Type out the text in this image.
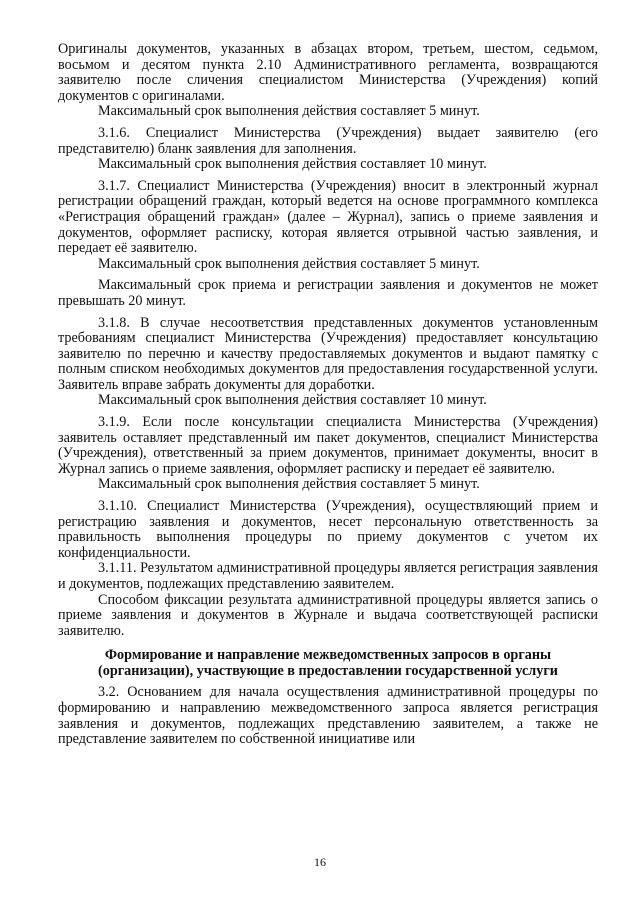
Оригиналы документов, указанных в абзацах втором, третьем, шестом, седьмом, восьмом и десятом пункта 2.10 Административного регламента, возвращаются заявителю после сличения специалистом Министерства (Учреждения) копий документов с оригиналами.

Максимальный срок выполнения действия составляет 5 минут.

3.1.6. Специалист Министерства (Учреждения) выдает заявителю (его представителю) бланк заявления для заполнения.

Максимальный срок выполнения действия составляет 10 минут.

3.1.7. Специалист Министерства (Учреждения) вносит в электронный журнал регистрации обращений граждан, который ведется на основе программного комплекса «Регистрация обращений граждан» (далее – Журнал), запись о приеме заявления и документов, оформляет расписку, которая является отрывной частью заявления, и передает её заявителю.

Максимальный срок выполнения действия составляет 5 минут.

Максимальный срок приема и регистрации заявления и документов не может превышать 20 минут.

3.1.8. В случае несоответствия представленных документов установленным требованиям специалист Министерства (Учреждения) предоставляет консультацию заявителю по перечню и качеству предоставляемых документов и выдают памятку с полным списком необходимых документов для предоставления государственной услуги. Заявитель вправе забрать документы для доработки.

Максимальный срок выполнения действия составляет 10 минут.

3.1.9. Если после консультации специалиста Министерства (Учреждения) заявитель оставляет представленный им пакет документов, специалист Министерства (Учреждения), ответственный за прием документов, принимает документы, вносит в Журнал запись о приеме заявления, оформляет расписку и передает её заявителю.

Максимальный срок выполнения действия составляет 5 минут.

3.1.10. Специалист Министерства (Учреждения), осуществляющий прием и регистрацию заявления и документов, несет персональную ответственность за правильность выполнения процедуры по приему документов с учетом их конфиденциальности.

3.1.11. Результатом административной процедуры является регистрация заявления и документов, подлежащих представлению заявителем.

Способом фиксации результата административной процедуры является запись о приеме заявления и документов в Журнале и выдача соответствующей расписки заявителю.

Формирование и направление межведомственных запросов в органы (организации), участвующие в предоставлении государственной услуги

3.2. Основанием для начала осуществления административной процедуры по формированию и направлению межведомственного запроса является регистрация заявления и документов, подлежащих представлению заявителем, а также не представление заявителем по собственной инициативе или

16
